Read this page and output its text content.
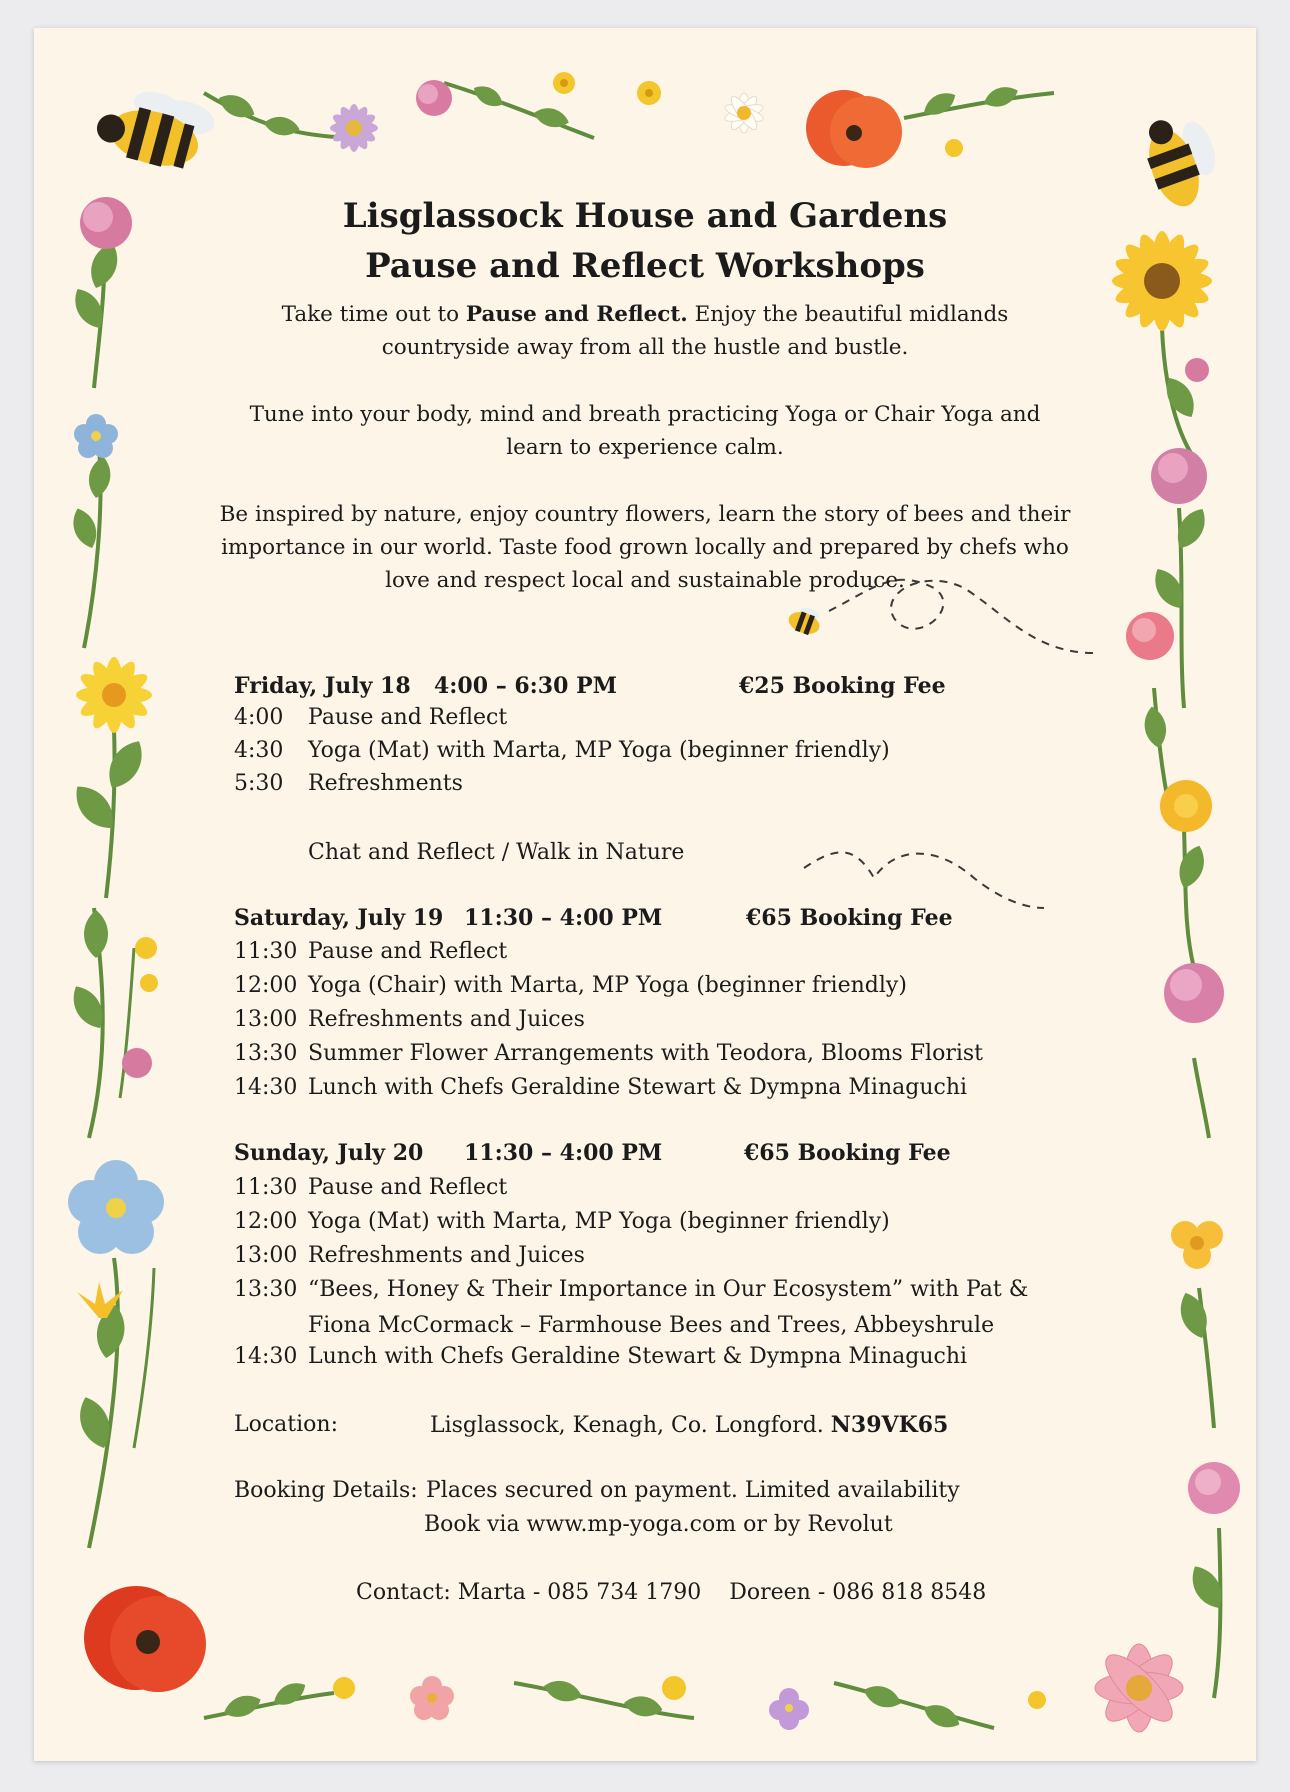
Lisglassock House and Gardens
Pause and Reflect Workshops
Take time out to Pause and Reflect. Enjoy the beautiful midlands
countryside away from all the hustle and bustle.
Tune into your body, mind and breath practicing Yoga or Chair Yoga and
learn to experience calm.
Be inspired by nature, enjoy country flowers, learn the story of bees and their
importance in our world. Taste food grown locally and prepared by chefs who
love and respect local and sustainable produce.
Friday, July 18 4:00 – 6:30 PM	€25 Booking Fee
4:00 Pause and Reflect
4:30 Yoga (Mat) with Marta, MP Yoga (beginner friendly)
5:30 Refreshments
Chat and Reflect / Walk in Nature
Saturday, July 19 11:30 – 4:00 PM	€65 Booking Fee
11:30 Pause and Reflect
12:00 Yoga (Chair) with Marta, MP Yoga (beginner friendly)
13:00 Refreshments and Juices
13:30 Summer Flower Arrangements with Teodora, Blooms Florist
14:30 Lunch with Chefs Geraldine Stewart & Dympna Minaguchi
Sunday, July 20 11:30 – 4:00 PM	€65 Booking Fee
11:30 Pause and Reflect
12:00 Yoga (Mat) with Marta, MP Yoga (beginner friendly)
13:00 Refreshments and Juices
13:30 “Bees, Honey & Their Importance in Our Ecosystem” with Pat &
Fiona McCormack – Farmhouse Bees and Trees, Abbeyshrule
14:30 Lunch with Chefs Geraldine Stewart & Dympna Minaguchi
Location:	Lisglassock, Kenagh, Co. Longford. N39VK65
Booking Details: Places secured on payment. Limited availability
Book via www.mp-yoga.com or by Revolut
Contact: Marta - 085 734 1790    Doreen - 086 818 8548
